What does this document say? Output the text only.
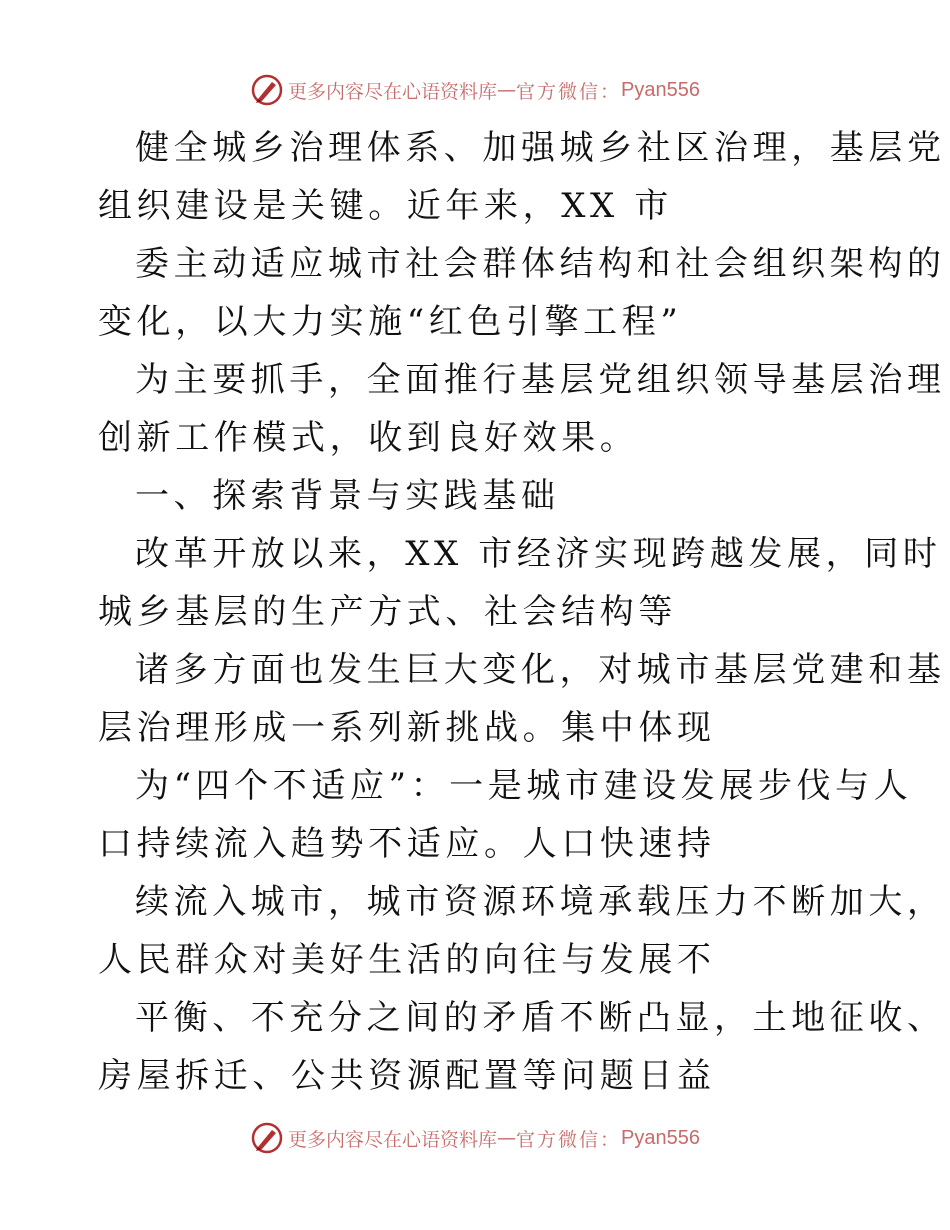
更多内容尽在心语资料库 — 官方微信： Pyan556
健全城乡治理体系、加强城乡社区治理，基层党
组织建设是关键。近年来，XX 市
委主动适应城市社会群体结构和社会组织架构的
变化，以大力实施“红色引擎工程”
为主要抓手，全面推行基层党组织领导基层治理
创新工作模式，收到良好效果。
一、探索背景与实践基础
改革开放以来，XX 市经济实现跨越发展，同时
城乡基层的生产方式、社会结构等
诸多方面也发生巨大变化，对城市基层党建和基
层治理形成一系列新挑战。集中体现
为“四个不适应”：一是城市建设发展步伐与人
口持续流入趋势不适应。人口快速持
续流入城市，城市资源环境承载压力不断加大，
人民群众对美好生活的向往与发展不
平衡、不充分之间的矛盾不断凸显，土地征收、
房屋拆迁、公共资源配置等问题日益
更多内容尽在心语资料库 — 官方微信： Pyan556
